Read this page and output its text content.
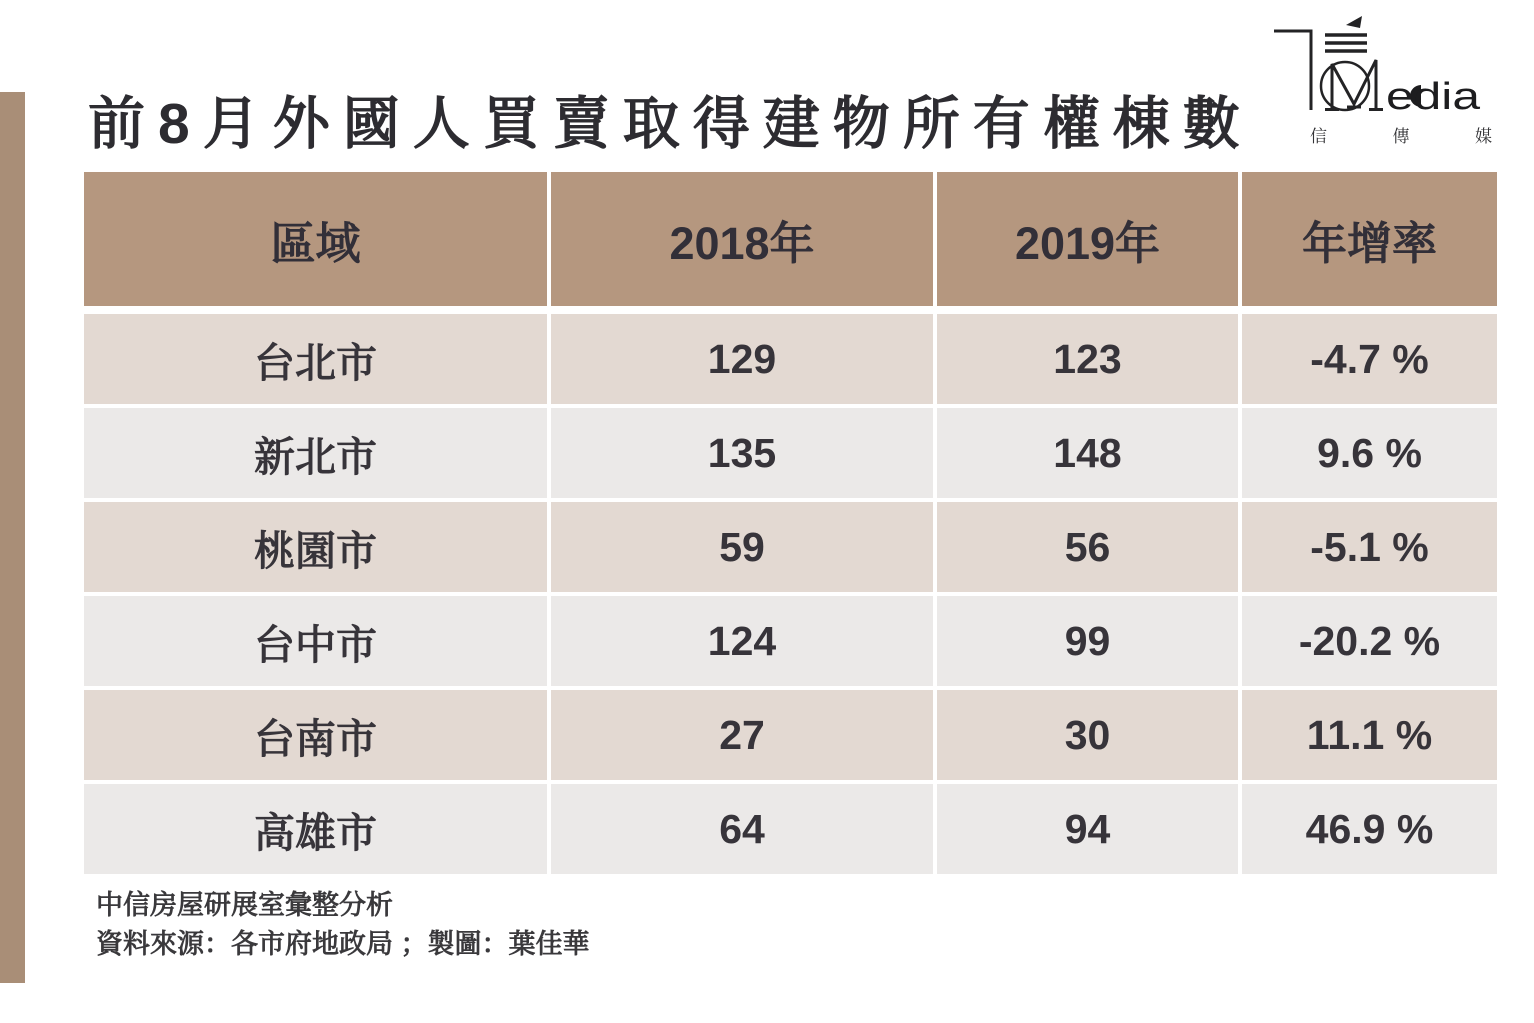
前8月外國人買賣取得建物所有權棟數	edia
信傳媒
區域	2018年	2019年	年增率
台北市	129	123	-4.7 %
新北市	135	148	9.6 %
桃園市	59	56	-5.1 %
台中市	124	99	-20.2 %
台南市	27	30	11.1 %
高雄市	64	94	46.9 %
中信房屋研展室彙整分析
資料來源：各市府地政局 ；製圖：葉佳華
